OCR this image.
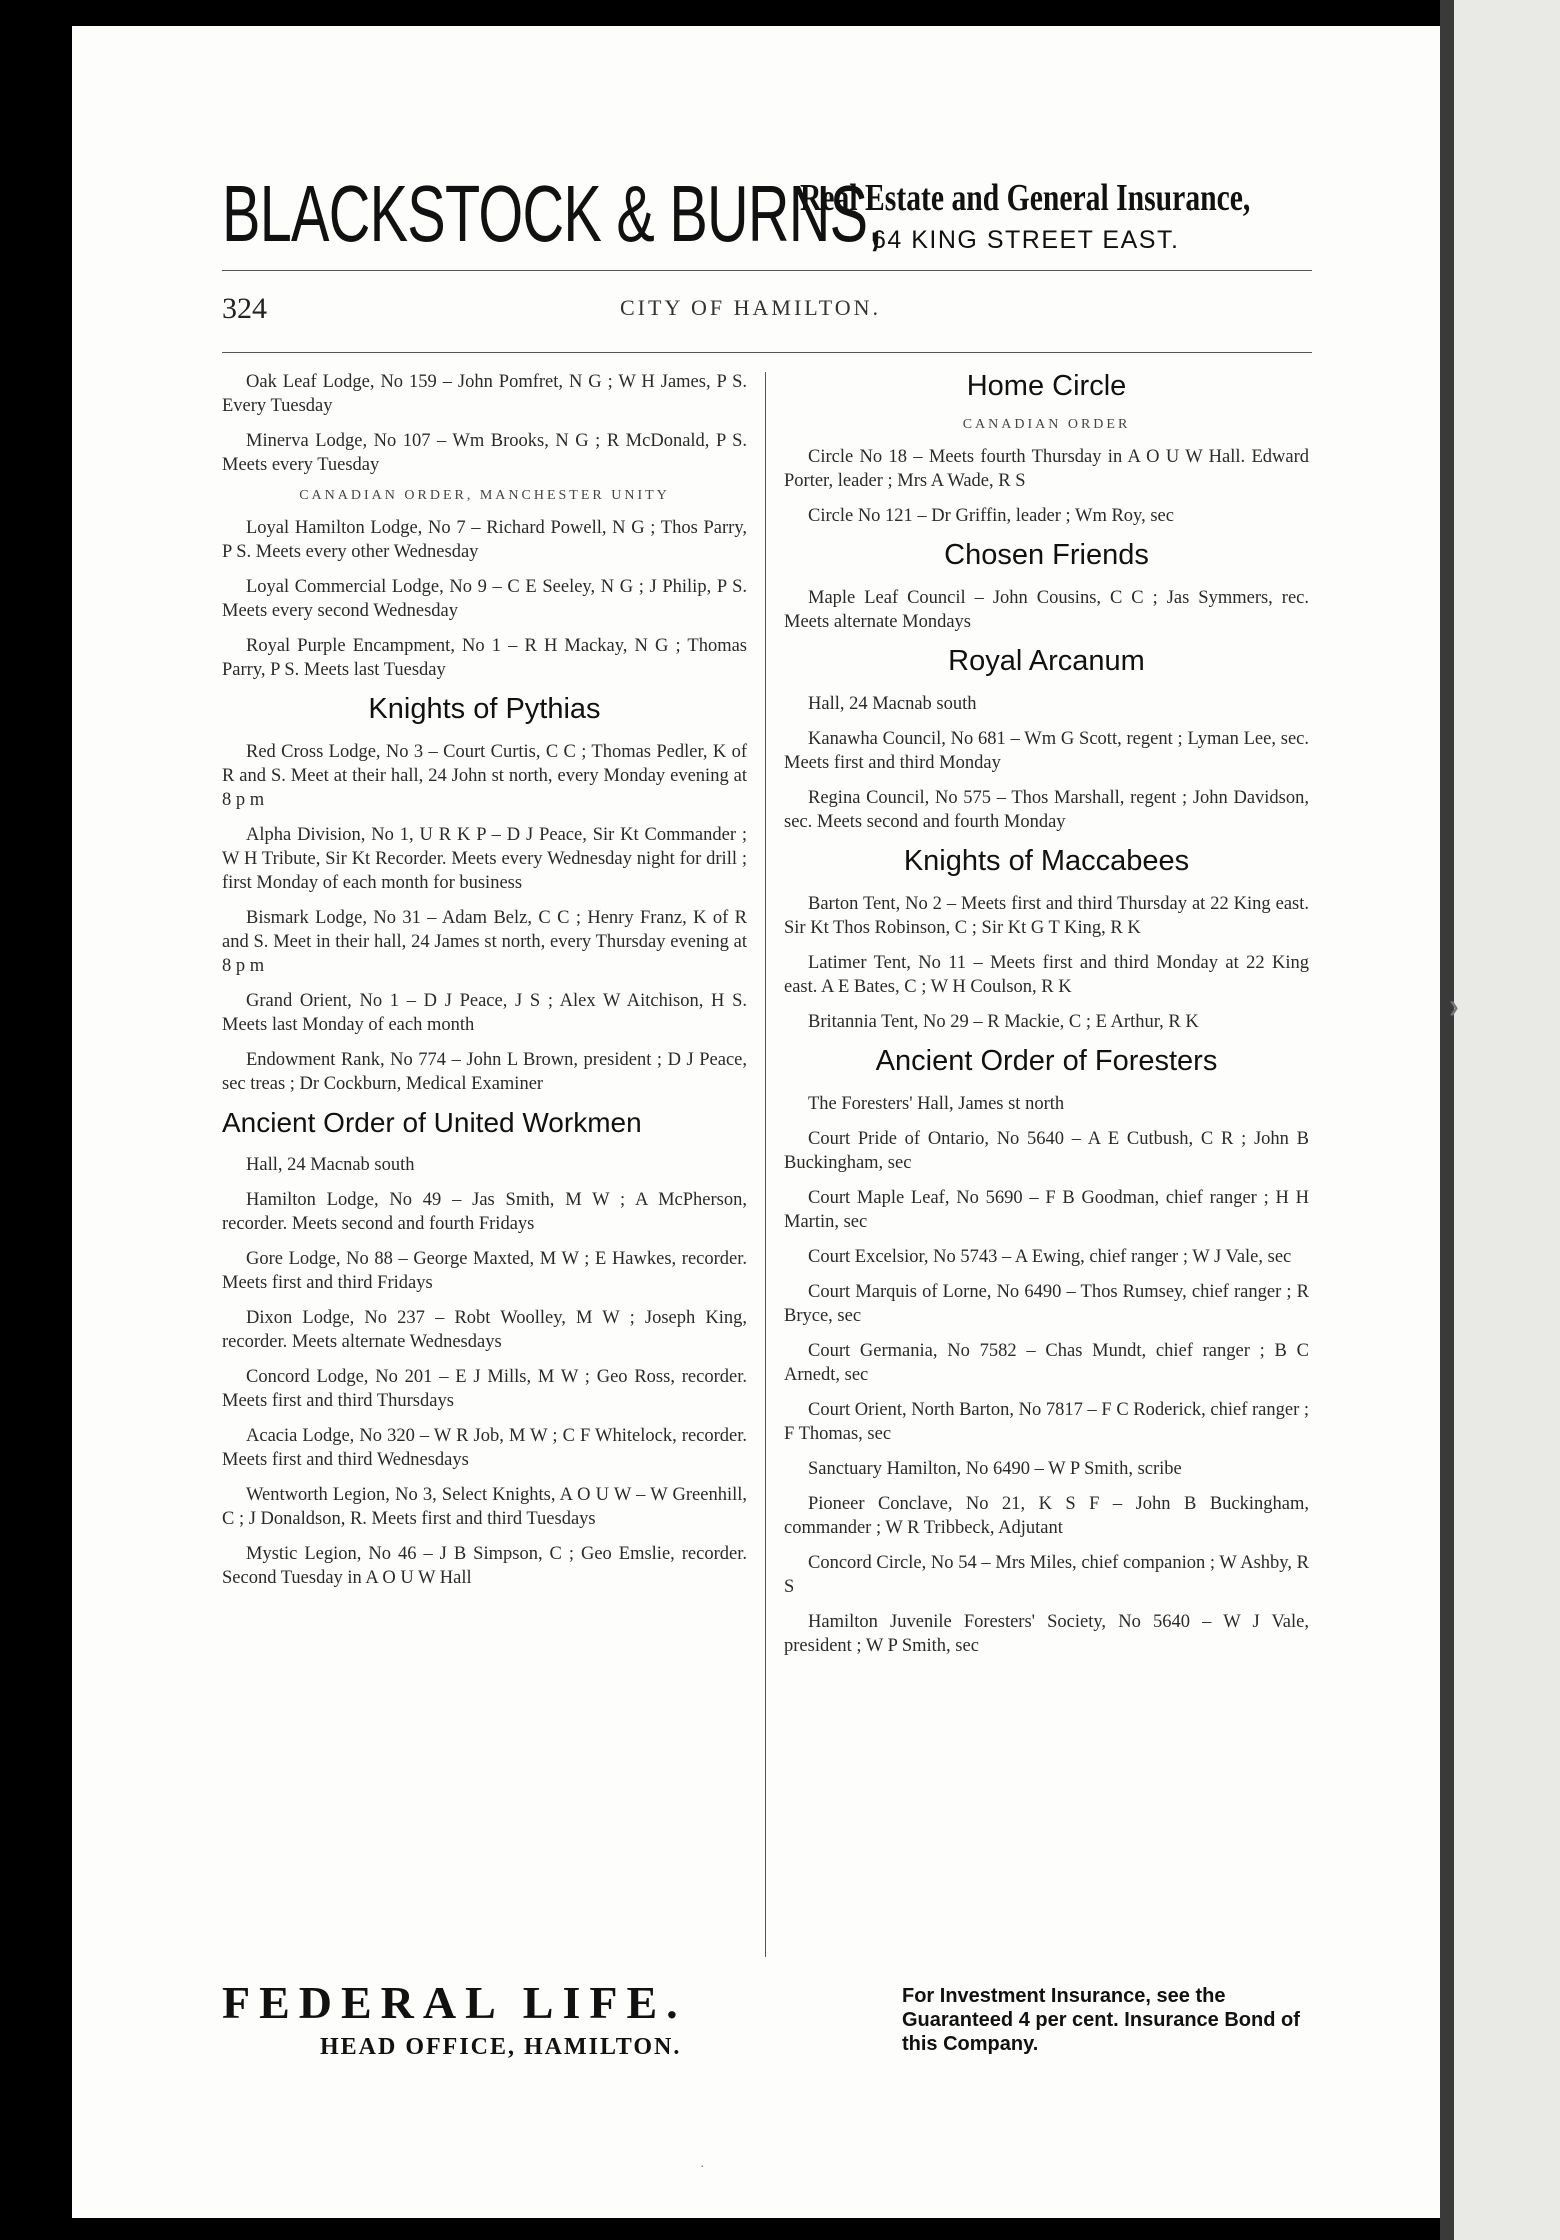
BLACKSTOCK & BURNS,
Real Estate and General Insurance,
64 KING STREET EAST.
324	CITY OF HAMILTON.

Oak Leaf Lodge, No 159 – John Pomfret, N G ; W H James, P S. Every Tuesday

Minerva Lodge, No 107 – Wm Brooks, N G ; R McDonald, P S. Meets every Tuesday

CANADIAN ORDER, MANCHESTER UNITY

Loyal Hamilton Lodge, No 7 – Richard Powell, N G ; Thos Parry, P S. Meets every other Wednesday

Loyal Commercial Lodge, No 9 – C E Seeley, N G ; J Philip, P S. Meets every second Wednesday

Royal Purple Encampment, No 1 – R H Mackay, N G ; Thomas Parry, P S. Meets last Tuesday

Knights of Pythias

Red Cross Lodge, No 3 – Court Curtis, C C ; Thomas Pedler, K of R and S. Meet at their hall, 24 John st north, every Monday evening at 8 p m

Alpha Division, No 1, U R K P – D J Peace, Sir Kt Commander ; W H Tribute, Sir Kt Recorder. Meets every Wednesday night for drill ; first Monday of each month for business

Bismark Lodge, No 31 – Adam Belz, C C ; Henry Franz, K of R and S. Meet in their hall, 24 James st north, every Thursday evening at 8 p m

Grand Orient, No 1 – D J Peace, J S ; Alex W Aitchison, H S. Meets last Monday of each month

Endowment Rank, No 774 – John L Brown, president ; D J Peace, sec treas ; Dr Cockburn, Medical Examiner

Ancient Order of United Workmen

Hall, 24 Macnab south

Hamilton Lodge, No 49 – Jas Smith, M W ; A McPherson, recorder. Meets second and fourth Fridays

Gore Lodge, No 88 – George Maxted, M W ; E Hawkes, recorder. Meets first and third Fridays

Dixon Lodge, No 237 – Robt Woolley, M W ; Joseph King, recorder. Meets alternate Wednesdays

Concord Lodge, No 201 – E J Mills, M W ; Geo Ross, recorder. Meets first and third Thursdays

Acacia Lodge, No 320 – W R Job, M W ; C F Whitelock, recorder. Meets first and third Wednesdays

Wentworth Legion, No 3, Select Knights, A O U W – W Greenhill, C ; J Donaldson, R. Meets first and third Tuesdays

Mystic Legion, No 46 – J B Simpson, C ; Geo Emslie, recorder. Second Tuesday in A O U W Hall

Home Circle
CANADIAN ORDER

Circle No 18 – Meets fourth Thursday in A O U W Hall. Edward Porter, leader ; Mrs A Wade, R S

Circle No 121 – Dr Griffin, leader ; Wm Roy, sec

Chosen Friends

Maple Leaf Council – John Cousins, C C ; Jas Symmers, rec. Meets alternate Mondays

Royal Arcanum

Hall, 24 Macnab south

Kanawha Council, No 681 – Wm G Scott, regent ; Lyman Lee, sec. Meets first and third Monday

Regina Council, No 575 – Thos Marshall, regent ; John Davidson, sec. Meets second and fourth Monday

Knights of Maccabees

Barton Tent, No 2 – Meets first and third Thursday at 22 King east. Sir Kt Thos Robinson, C ; Sir Kt G T King, R K

Latimer Tent, No 11 – Meets first and third Monday at 22 King east. A E Bates, C ; W H Coulson, R K

Britannia Tent, No 29 – R Mackie, C ; E Arthur, R K

Ancient Order of Foresters

The Foresters' Hall, James st north

Court Pride of Ontario, No 5640 – A E Cutbush, C R ; John B Buckingham, sec

Court Maple Leaf, No 5690 – F B Goodman, chief ranger ; H H Martin, sec

Court Excelsior, No 5743 – A Ewing, chief ranger ; W J Vale, sec

Court Marquis of Lorne, No 6490 – Thos Rumsey, chief ranger ; R Bryce, sec

Court Germania, No 7582 – Chas Mundt, chief ranger ; B C Arnedt, sec

Court Orient, North Barton, No 7817 – F C Roderick, chief ranger ; F Thomas, sec

Sanctuary Hamilton, No 6490 – W P Smith, scribe

Pioneer Conclave, No 21, K S F – John B Buckingham, commander ; W R Tribbeck, Adjutant

Concord Circle, No 54 – Mrs Miles, chief companion ; W Ashby, R S

Hamilton Juvenile Foresters' Society, No 5640 – W J Vale, president ; W P Smith, sec

FEDERAL LIFE.
HEAD OFFICE, HAMILTON.
For Investment Insurance, see the Guaranteed 4 per cent. Insurance Bond of this Company.
❯
·
